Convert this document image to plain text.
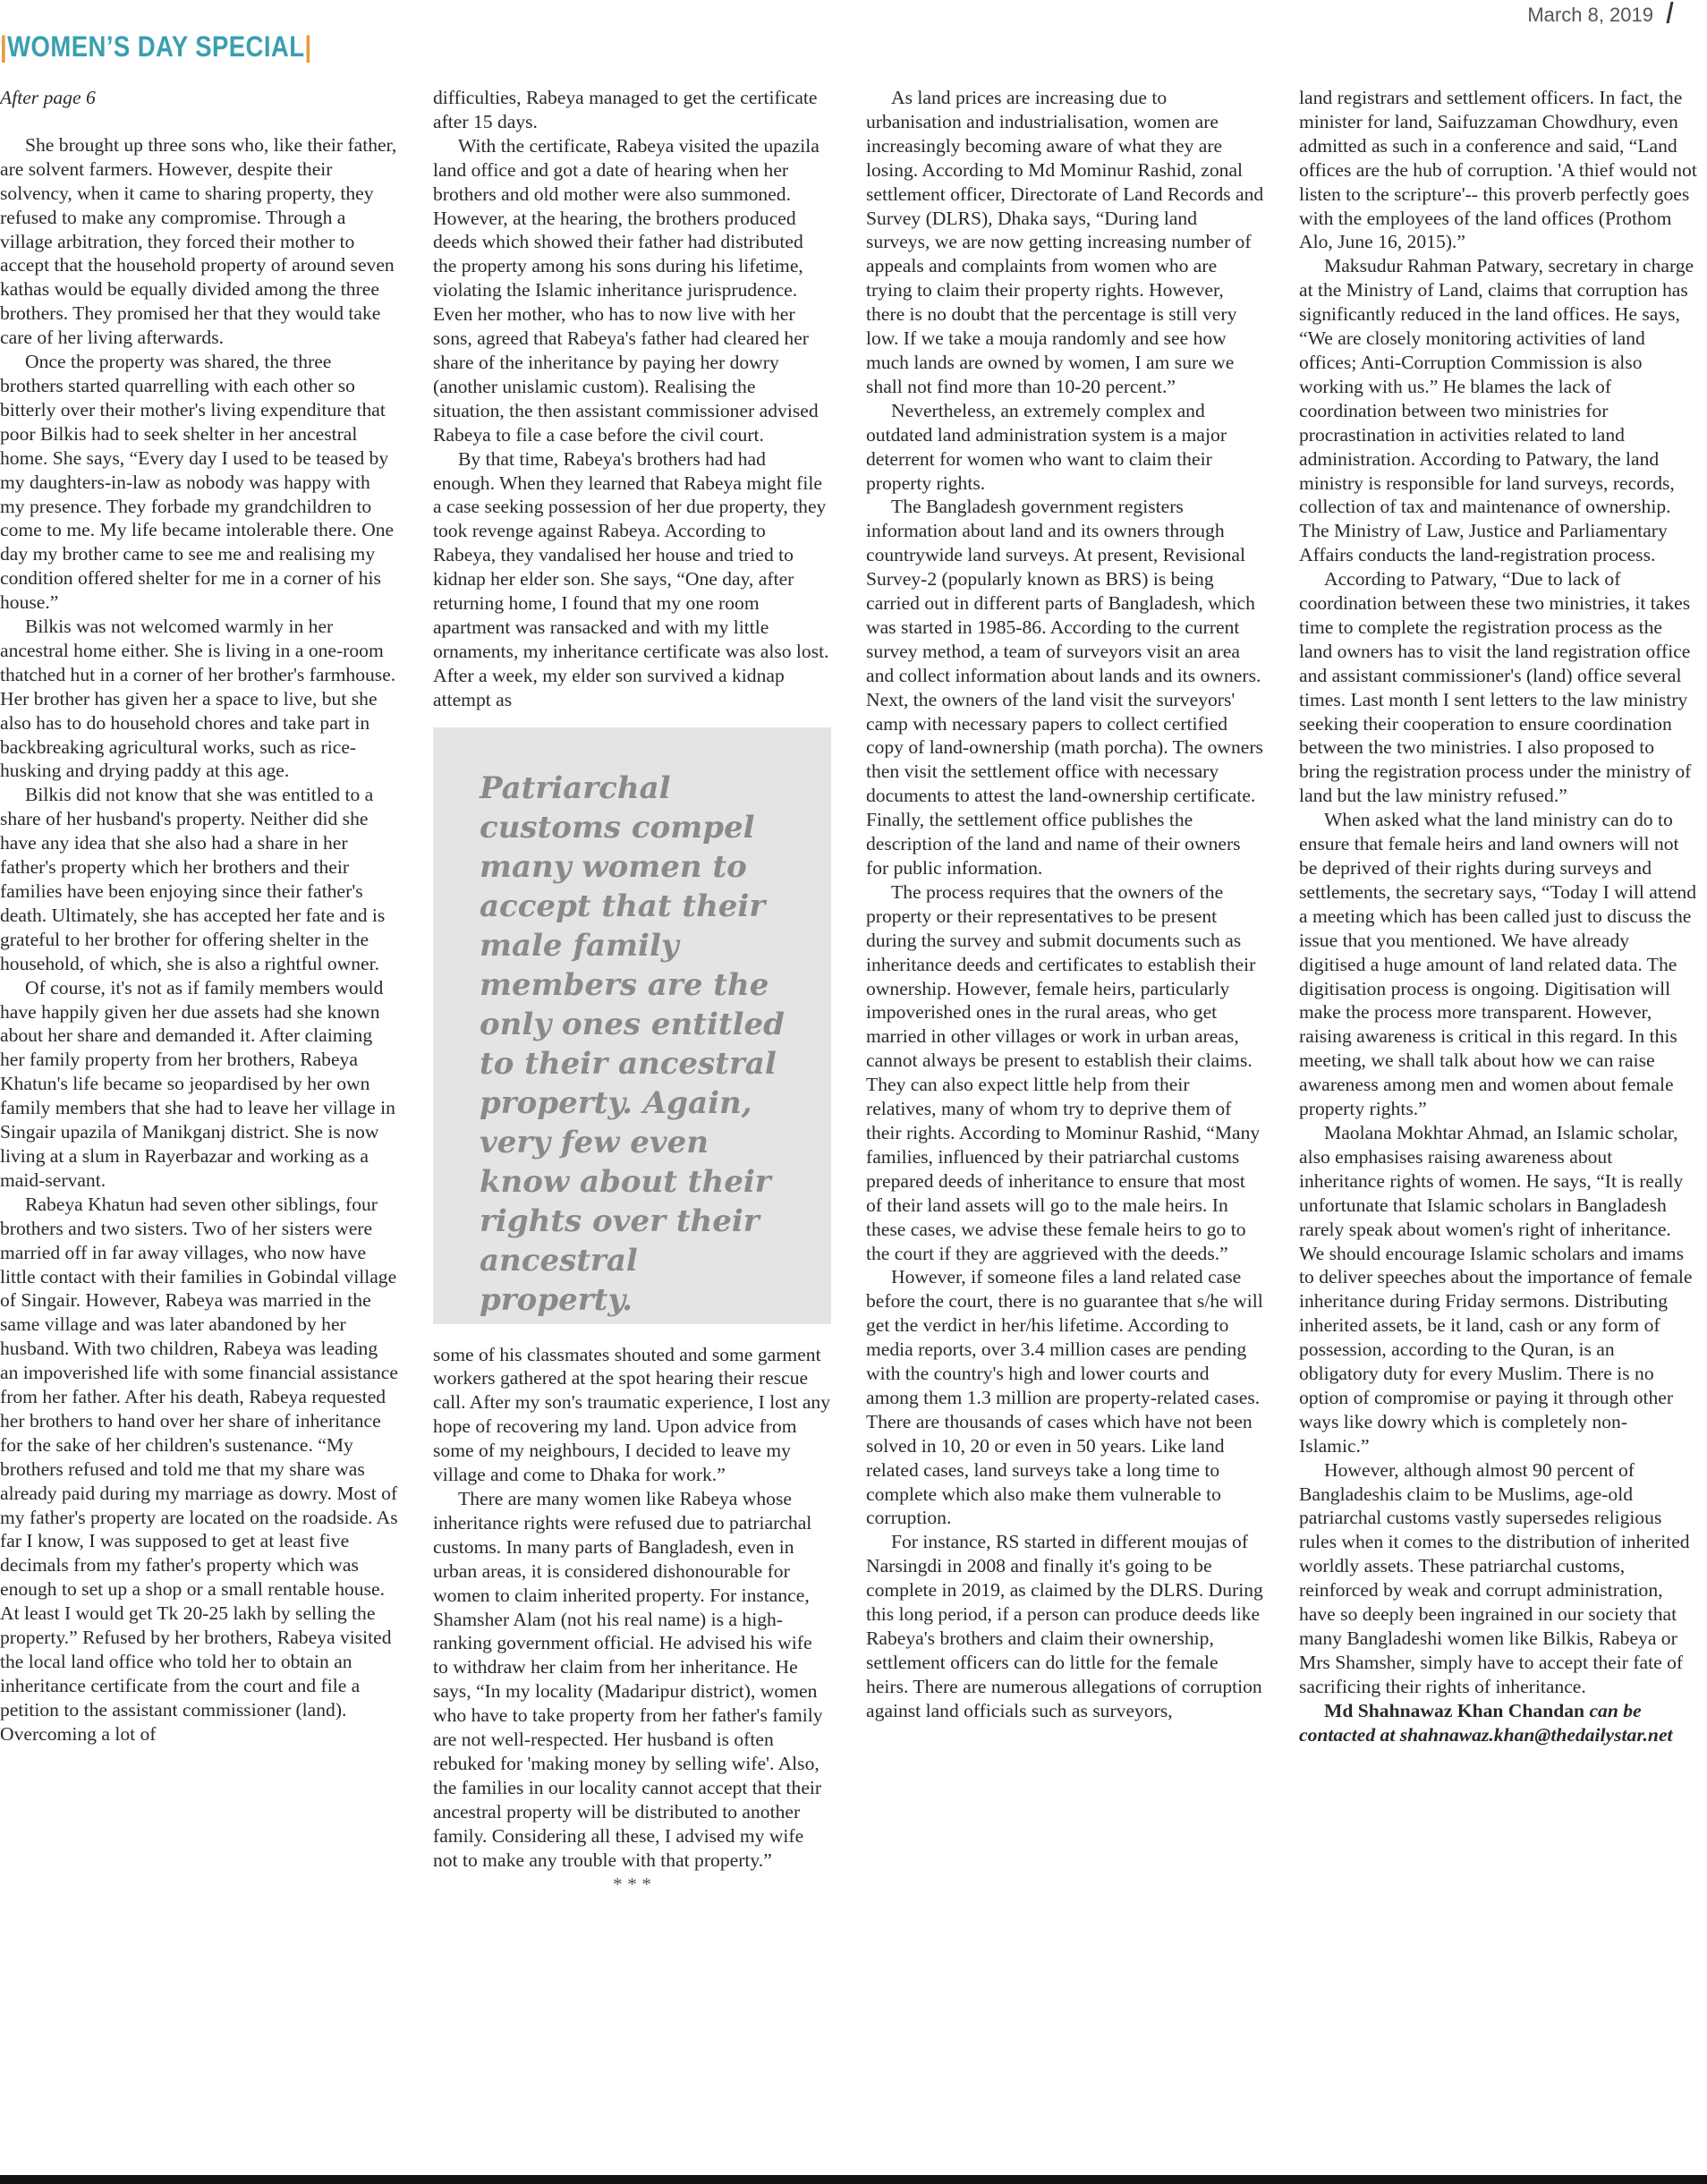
March 8, 2019
|WOMEN’S DAY SPECIAL|

After page 6

She brought up three sons who, like their father, are solvent farmers. However, despite their solvency, when it came to sharing property, they refused to make any compromise. Through a village arbitration, they forced their mother to accept that the household property of around seven kathas would be equally divided among the three brothers. They promised her that they would take care of her living afterwards.

Once the property was shared, the three brothers started quarrelling with each other so bitterly over their mother's living expenditure that poor Bilkis had to seek shelter in her ancestral home. She says, “Every day I used to be teased by my daughters-in-law as nobody was happy with my presence. They forbade my grandchildren to come to me. My life became intolerable there. One day my brother came to see me and realising my condition offered shelter for me in a corner of his house.”

Bilkis was not welcomed warmly in her ancestral home either. She is living in a one-room thatched hut in a corner of her brother's farmhouse. Her brother has given her a space to live, but she also has to do household chores and take part in backbreaking agricultural works, such as rice-husking and drying paddy at this age.

Bilkis did not know that she was entitled to a share of her husband's property. Neither did she have any idea that she also had a share in her father's property which her brothers and their families have been enjoying since their father's death. Ultimately, she has accepted her fate and is grateful to her brother for offering shelter in the household, of which, she is also a rightful owner.

Of course, it's not as if family members would have happily given her due assets had she known about her share and demanded it. After claiming her family property from her brothers, Rabeya Khatun's life became so jeopardised by her own family members that she had to leave her village in Singair upazila of Manikganj district. She is now living at a slum in Rayerbazar and working as a maid-servant.

Rabeya Khatun had seven other siblings, four brothers and two sisters. Two of her sisters were married off in far away villages, who now have little contact with their families in Gobindal village of Singair. However, Rabeya was married in the same village and was later abandoned by her husband. With two children, Rabeya was leading an impoverished life with some financial assistance from her father. After his death, Rabeya requested her brothers to hand over her share of inheritance for the sake of her children's sustenance. “My brothers refused and told me that my share was already paid during my marriage as dowry. Most of my father's property are located on the roadside. As far I know, I was supposed to get at least five decimals from my father's property which was enough to set up a shop or a small rentable house. At least I would get Tk 20-25 lakh by selling the property.” Refused by her brothers, Rabeya visited the local land office who told her to obtain an inheritance certificate from the court and file a petition to the assistant commissioner (land). Overcoming a lot of

difficulties, Rabeya managed to get the certificate after 15 days.

With the certificate, Rabeya visited the upazila land office and got a date of hearing when her brothers and old mother were also summoned. However, at the hearing, the brothers produced deeds which showed their father had distributed the property among his sons during his lifetime, violating the Islamic inheritance jurisprudence. Even her mother, who has to now live with her sons, agreed that Rabeya's father had cleared her share of the inheritance by paying her dowry (another unislamic custom). Realising the situation, the then assistant commissioner advised Rabeya to file a case before the civil court.

By that time, Rabeya's brothers had had enough. When they learned that Rabeya might file a case seeking possession of her due property, they took revenge against Rabeya. According to Rabeya, they vandalised her house and tried to kidnap her elder son. She says, “One day, after returning home, I found that my one room apartment was ransacked and with my little ornaments, my inheritance certificate was also lost. After a week, my elder son survived a kidnap attempt as

Patriarchal customs compel many women to accept that their male family members are the only ones entitled to their ancestral property. Again, very few even know about their rights over their ancestral property.

some of his classmates shouted and some garment workers gathered at the spot hearing their rescue call. After my son's traumatic experience, I lost any hope of recovering my land. Upon advice from some of my neighbours, I decided to leave my village and come to Dhaka for work.”

There are many women like Rabeya whose inheritance rights were refused due to patriarchal customs. In many parts of Bangladesh, even in urban areas, it is considered dishonourable for women to claim inherited property. For instance, Shamsher Alam (not his real name) is a high-ranking government official. He advised his wife to withdraw her claim from her inheritance. He says, “In my locality (Madaripur district), women who have to take property from her father's family are not well-respected. Her husband is often rebuked for 'making money by selling wife'. Also, the families in our locality cannot accept that their ancestral property will be distributed to another family. Considering all these, I advised my wife not to make any trouble with that property.”

* * *

As land prices are increasing due to urbanisation and industrialisation, women are increasingly becoming aware of what they are losing. According to Md Mominur Rashid, zonal settlement officer, Directorate of Land Records and Survey (DLRS), Dhaka says, “During land surveys, we are now getting increasing number of appeals and complaints from women who are trying to claim their property rights. However, there is no doubt that the percentage is still very low. If we take a mouja randomly and see how much lands are owned by women, I am sure we shall not find more than 10-20 percent.”

Nevertheless, an extremely complex and outdated land administration system is a major deterrent for women who want to claim their property rights.

The Bangladesh government registers information about land and its owners through countrywide land surveys. At present, Revisional Survey-2 (popularly known as BRS) is being carried out in different parts of Bangladesh, which was started in 1985-86. According to the current survey method, a team of surveyors visit an area and collect information about lands and its owners. Next, the owners of the land visit the surveyors' camp with necessary papers to collect certified copy of land-ownership (math porcha). The owners then visit the settlement office with necessary documents to attest the land-ownership certificate. Finally, the settlement office publishes the description of the land and name of their owners for public information.

The process requires that the owners of the property or their representatives to be present during the survey and submit documents such as inheritance deeds and certificates to establish their ownership. However, female heirs, particularly impoverished ones in the rural areas, who get married in other villages or work in urban areas, cannot always be present to establish their claims. They can also expect little help from their relatives, many of whom try to deprive them of their rights. According to Mominur Rashid, “Many families, influenced by their patriarchal customs prepared deeds of inheritance to ensure that most of their land assets will go to the male heirs. In these cases, we advise these female heirs to go to the court if they are aggrieved with the deeds.”

However, if someone files a land related case before the court, there is no guarantee that s/he will get the verdict in her/his lifetime. According to media reports, over 3.4 million cases are pending with the country's high and lower courts and among them 1.3 million are property-related cases. There are thousands of cases which have not been solved in 10, 20 or even in 50 years. Like land related cases, land surveys take a long time to complete which also make them vulnerable to corruption.

For instance, RS started in different moujas of Narsingdi in 2008 and finally it's going to be complete in 2019, as claimed by the DLRS. During this long period, if a person can produce deeds like Rabeya's brothers and claim their ownership, settlement officers can do little for the female heirs. There are numerous allegations of corruption against land officials such as surveyors,

land registrars and settlement officers. In fact, the minister for land, Saifuzzaman Chowdhury, even admitted as such in a conference and said, “Land offices are the hub of corruption. 'A thief would not listen to the scripture'-- this proverb perfectly goes with the employees of the land offices (Prothom Alo, June 16, 2015).”

Maksudur Rahman Patwary, secretary in charge at the Ministry of Land, claims that corruption has significantly reduced in the land offices. He says, “We are closely monitoring activities of land offices; Anti-Corruption Commission is also working with us.” He blames the lack of coordination between two ministries for procrastination in activities related to land administration. According to Patwary, the land ministry is responsible for land surveys, records, collection of tax and maintenance of ownership. The Ministry of Law, Justice and Parliamentary Affairs conducts the land-registration process.

According to Patwary, “Due to lack of coordination between these two ministries, it takes time to complete the registration process as the land owners has to visit the land registration office and assistant commissioner's (land) office several times. Last month I sent letters to the law ministry seeking their cooperation to ensure coordination between the two ministries. I also proposed to bring the registration process under the ministry of land but the law ministry refused.”

When asked what the land ministry can do to ensure that female heirs and land owners will not be deprived of their rights during surveys and settlements, the secretary says, “Today I will attend a meeting which has been called just to discuss the issue that you mentioned. We have already digitised a huge amount of land related data. The digitisation process is ongoing. Digitisation will make the process more transparent. However, raising awareness is critical in this regard. In this meeting, we shall talk about how we can raise awareness among men and women about female property rights.”

Maolana Mokhtar Ahmad, an Islamic scholar, also emphasises raising awareness about inheritance rights of women. He says, “It is really unfortunate that Islamic scholars in Bangladesh rarely speak about women's right of inheritance. We should encourage Islamic scholars and imams to deliver speeches about the importance of female inheritance during Friday sermons. Distributing inherited assets, be it land, cash or any form of possession, according to the Quran, is an obligatory duty for every Muslim. There is no option of compromise or paying it through other ways like dowry which is completely non-Islamic.”

However, although almost 90 percent of Bangladeshis claim to be Muslims, age-old patriarchal customs vastly supersedes religious rules when it comes to the distribution of inherited worldly assets. These patriarchal customs, reinforced by weak and corrupt administration, have so deeply been ingrained in our society that many Bangladeshi women like Bilkis, Rabeya or Mrs Shamsher, simply have to accept their fate of sacrificing their rights of inheritance.

Md Shahnawaz Khan Chandan can be contacted at shahnawaz.khan@thedailystar.net
